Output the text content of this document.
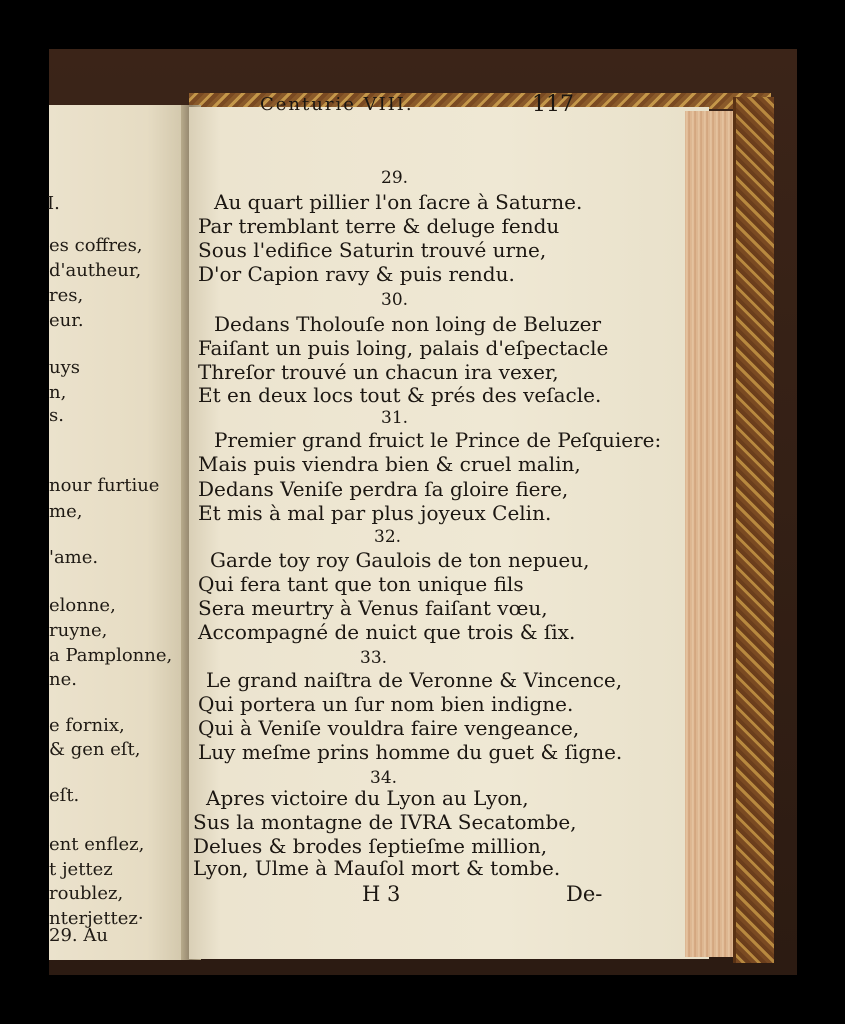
I.
es coffres,
d'autheur,
res,
eur.
uys
n,
s.
nour furtiue
me,
'ame.
elonne,
ruyne,
a Pamplonne,
ne.
e fornix,
& gen eſt,
eſt.
ent enflez,
t jettez
roublez,
nterjettez·
29. Au
Centurie VIII.	117
29.
Au quart pillier l'on ſacre à Saturne.
Par tremblant terre & deluge fendu
Sous l'edifice Saturin trouvé urne,
D'or Capion ravy & puis rendu.
30.
Dedans Tholouſe non loing de Beluzer
Faiſant un puis loing, palais d'eſpectacle
Threſor trouvé un chacun ira vexer,
Et en deux locs tout & prés des veſacle.
31.
Premier grand fruict le Prince de Peſquiere:
Mais puis viendra bien & cruel malin,
Dedans Veniſe perdra ſa gloire fiere,
Et mis à mal par plus joyeux Celin.
32.
Garde toy roy Gaulois de ton nepueu,
Qui fera tant que ton unique fils
Sera meurtry à Venus faiſant vœu,
Accompagné de nuict que trois & ſix.
33.
Le grand naiſtra de Veronne & Vincence,
Qui portera un ſur nom bien indigne.
Qui à Veniſe vouldra faire vengeance,
Luy meſme prins homme du guet & ſigne.
34.
Apres victoire du Lyon au Lyon,
Sus la montagne de IVRA Secatombe,
Delues & brodes ſeptieſme million,
Lyon, Ulme à Mauſol mort & tombe.
H 3	De-
